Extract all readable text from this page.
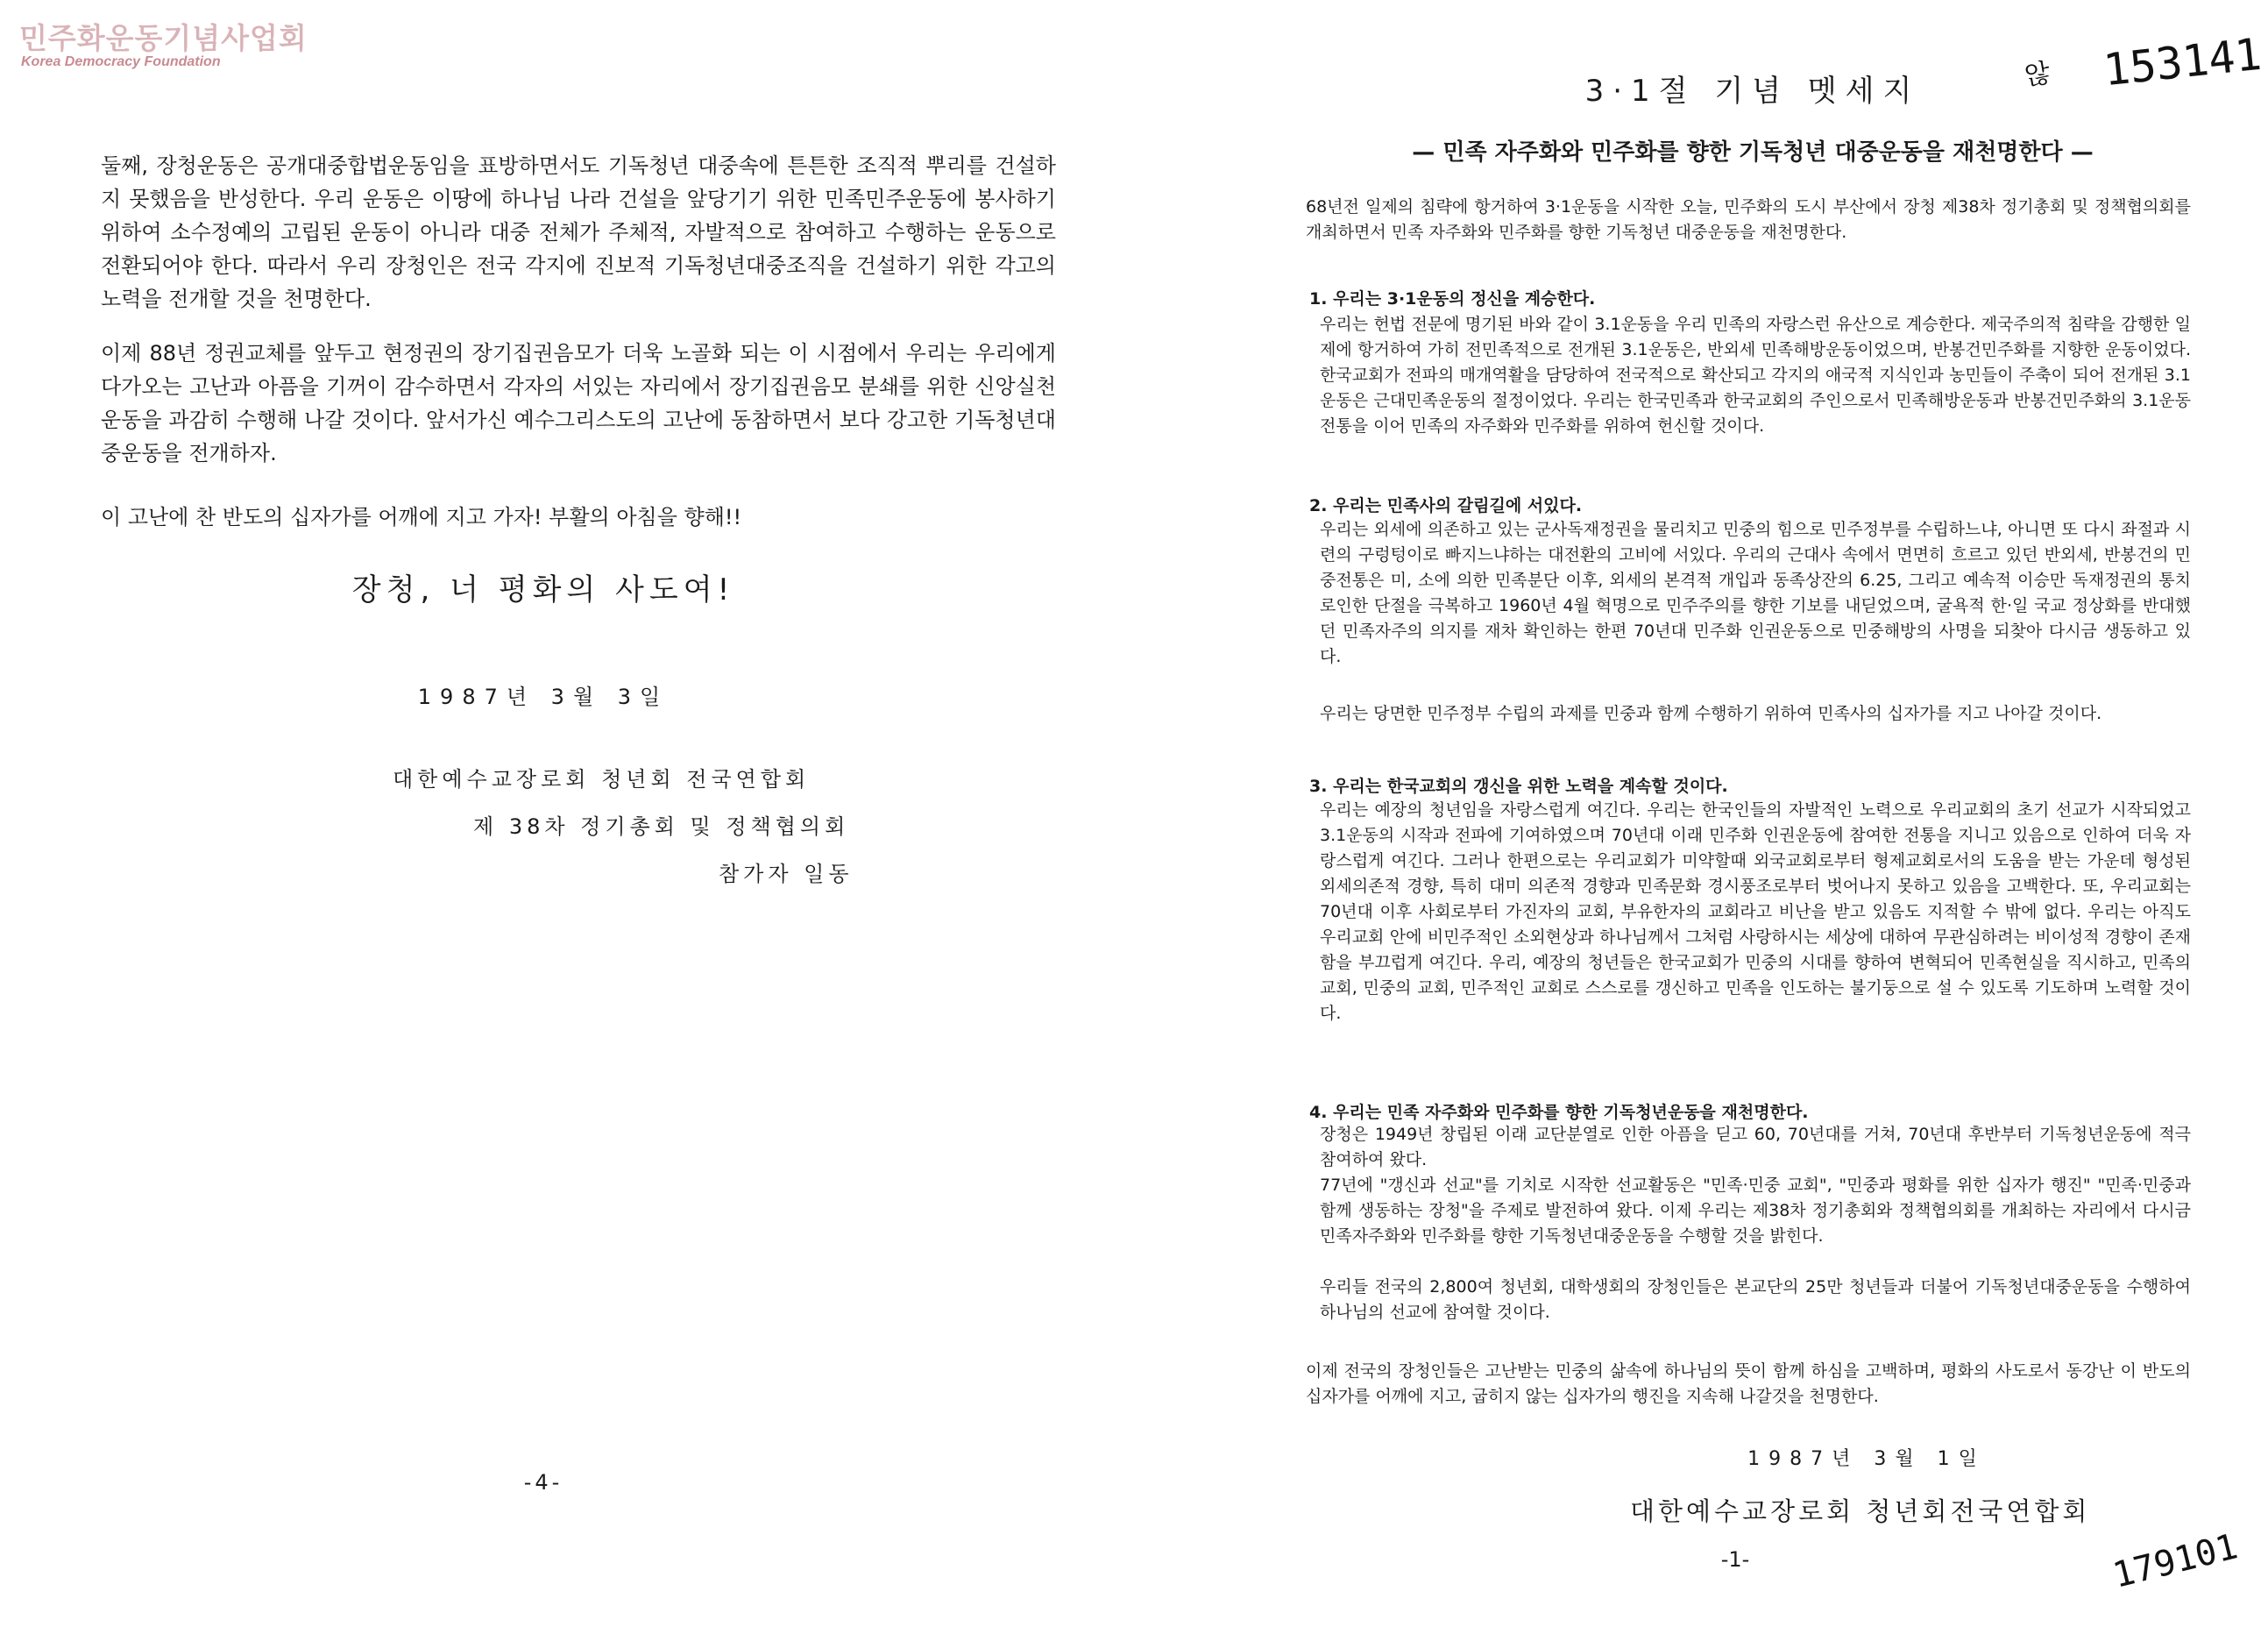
민주화운동기념사업회
Korea Democracy Foundation	않 153141
179101

둘째, 장청운동은 공개대중합법운동임을 표방하면서도 기독청년 대중속에 튼튼한 조직적 뿌리를 건설하지 못했음을 반성한다. 우리 운동은 이땅에 하나님 나라 건설을 앞당기기 위한 민족민주운동에 봉사하기 위하여 소수정예의 고립된 운동이 아니라 대중 전체가 주체적, 자발적으로 참여하고 수행하는 운동으로 전환되어야 한다. 따라서 우리 장청인은 전국 각지에 진보적 기독청년대중조직을 건설하기 위한 각고의 노력을 전개할 것을 천명한다.

이제 88년 정권교체를 앞두고 현정권의 장기집권음모가 더욱 노골화 되는 이 시점에서 우리는 우리에게 다가오는 고난과 아픔을 기꺼이 감수하면서 각자의 서있는 자리에서 장기집권음모 분쇄를 위한 신앙실천운동을 과감히 수행해 나갈 것이다. 앞서가신 예수그리스도의 고난에 동참하면서 보다 강고한 기독청년대중운동을 전개하자.

이 고난에 찬 반도의 십자가를 어깨에 지고 가자! 부활의 아침을 향해!!

장청, 너 평화의 사도여!

1987년 3월 3일

대한예수교장로회 청년회 전국연합회

제 38차 정기총회 및 정책협의회

참가자 일동

-4-

3·1절 기념 멧세지

— 민족 자주화와 민주화를 향한 기독청년 대중운동을 재천명한다 —

68년전 일제의 침략에 항거하여 3·1운동을 시작한 오늘, 민주화의 도시 부산에서 장청 제38차 정기총회 및 정책협의회를 개최하면서 민족 자주화와 민주화를 향한 기독청년 대중운동을 재천명한다.

1. 우리는 3·1운동의 정신을 계승한다.

우리는 헌법 전문에 명기된 바와 같이 3.1운동을 우리 민족의 자랑스런 유산으로 계승한다. 제국주의적 침략을 감행한 일제에 항거하여 가히 전민족적으로 전개된 3.1운동은, 반외세 민족해방운동이었으며, 반봉건민주화를 지향한 운동이었다. 한국교회가 전파의 매개역활을 담당하여 전국적으로 확산되고 각지의 애국적 지식인과 농민들이 주축이 되어 전개된 3.1운동은 근대민족운동의 절정이었다. 우리는 한국민족과 한국교회의 주인으로서 민족해방운동과 반봉건민주화의 3.1운동 전통을 이어 민족의 자주화와 민주화를 위하여 헌신할 것이다.

2. 우리는 민족사의 갈림길에 서있다.

우리는 외세에 의존하고 있는 군사독재정권을 물리치고 민중의 힘으로 민주정부를 수립하느냐, 아니면 또 다시 좌절과 시련의 구렁텅이로 빠지느냐하는 대전환의 고비에 서있다. 우리의 근대사 속에서 면면히 흐르고 있던 반외세, 반봉건의 민중전통은 미, 소에 의한 민족분단 이후, 외세의 본격적 개입과 동족상잔의 6.25, 그리고 예속적 이승만 독재정권의 통치로인한 단절을 극복하고 1960년 4월 혁명으로 민주주의를 향한 기보를 내딛었으며, 굴욕적 한·일 국교 정상화를 반대했던 민족자주의 의지를 재차 확인하는 한편 70년대 민주화 인권운동으로 민중해방의 사명을 되찾아 다시금 생동하고 있다.

우리는 당면한 민주정부 수립의 과제를 민중과 함께 수행하기 위하여 민족사의 십자가를 지고 나아갈 것이다.

3. 우리는 한국교회의 갱신을 위한 노력을 계속할 것이다.

우리는 예장의 청년임을 자랑스럽게 여긴다. 우리는 한국인들의 자발적인 노력으로 우리교회의 초기 선교가 시작되었고 3.1운동의 시작과 전파에 기여하였으며 70년대 이래 민주화 인권운동에 참여한 전통을 지니고 있음으로 인하여 더욱 자랑스럽게 여긴다. 그러나 한편으로는 우리교회가 미약할때 외국교회로부터 형제교회로서의 도움을 받는 가운데 형성된 외세의존적 경향, 특히 대미 의존적 경향과 민족문화 경시풍조로부터 벗어나지 못하고 있음을 고백한다. 또, 우리교회는 70년대 이후 사회로부터 가진자의 교회, 부유한자의 교회라고 비난을 받고 있음도 지적할 수 밖에 없다. 우리는 아직도 우리교회 안에 비민주적인 소외현상과 하나님께서 그처럼 사랑하시는 세상에 대하여 무관심하려는 비이성적 경향이 존재함을 부끄럽게 여긴다. 우리, 예장의 청년들은 한국교회가 민중의 시대를 향하여 변혁되어 민족현실을 직시하고, 민족의 교회, 민중의 교회, 민주적인 교회로 스스로를 갱신하고 민족을 인도하는 불기둥으로 설 수 있도록 기도하며 노력할 것이다.

4. 우리는 민족 자주화와 민주화를 향한 기독청년운동을 재천명한다.

장청은 1949년 창립된 이래 교단분열로 인한 아픔을 딛고 60, 70년대를 거쳐, 70년대 후반부터 기독청년운동에 적극 참여하여 왔다.

77년에 "갱신과 선교"를 기치로 시작한 선교활동은 "민족·민중 교회", "민중과 평화를 위한 십자가 행진" "민족·민중과 함께 생동하는 장청"을 주제로 발전하여 왔다. 이제 우리는 제38차 정기총회와 정책협의회를 개최하는 자리에서 다시금 민족자주화와 민주화를 향한 기독청년대중운동을 수행할 것을 밝힌다.

우리들 전국의 2,800여 청년회, 대학생회의 장청인들은 본교단의 25만 청년들과 더불어 기독청년대중운동을 수행하여 하나님의 선교에 참여할 것이다.

이제 전국의 장청인들은 고난받는 민중의 삶속에 하나님의 뜻이 함께 하심을 고백하며, 평화의 사도로서 동강난 이 반도의 십자가를 어깨에 지고, 굽히지 않는 십자가의 행진을 지속해 나갈것을 천명한다.

1987년 3월 1일

대한예수교장로회 청년회전국연합회

-1-
